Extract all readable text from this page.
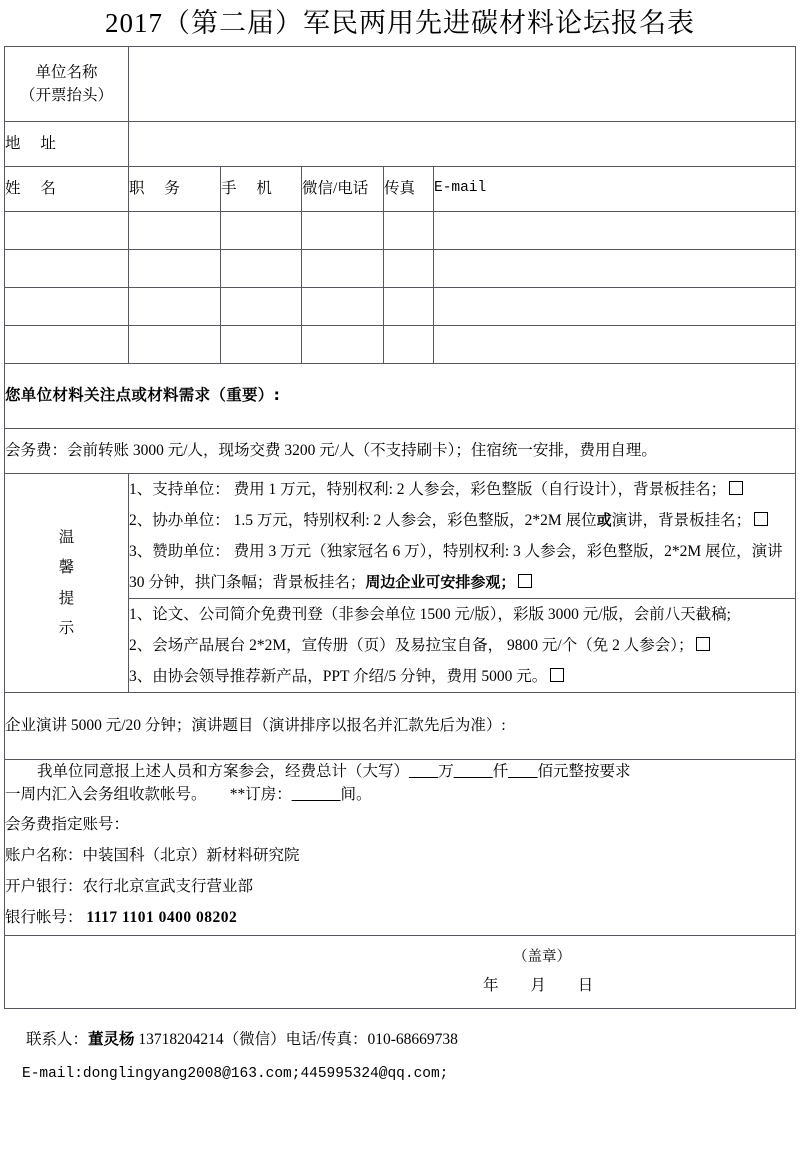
2017（第二届）军民两用先进碳材料论坛报名表
单位名称
（开票抬头）

地 址	
姓 名	职 务	手 机	微信/电话	传真	E-mail

您单位材料关注点或材料需求（重要）:

会务费：会前转账 3000 元/人，现场交费 3200 元/人（不支持刷卡）；住宿统一安排，费用自理。

温
馨
提
示

1、支持单位： 费用 1 万元，特别权利: 2 人参会，彩色整版（自行设计），背景板挂名；
2、协办单位： 1.5 万元，特别权利: 2 人参会，彩色整版，2*2M 展位或演讲，背景板挂名；
3、赞助单位： 费用 3 万元（独家冠名 6 万），特别权利: 3 人参会，彩色整版，2*2M 展位，演讲 30 分钟，拱门条幅；背景板挂名；周边企业可安排参观；

1、论文、公司简介免费刊登（非参会单位 1500 元/版），彩版 3000 元/版，会前八天截稿;
2、会场产品展台 2*2M，宣传册（页）及易拉宝自备， 9800 元/个（免 2 人参会）；
3、由协会领导推荐新产品，PPT 介绍/5 分钟，费用 5000 元。

企业演讲 5000 元/20 分钟；演讲题目（演讲排序以报名并汇款先后为准）:

我单位同意报上述人员和方案参会，经费总计（大写）___万____仟___佰元整按要求
一周内汇入会务组收款帐号。 **订房：_____间。
会务费指定账号：
账户名称：中装国科（北京）新材料研究院
开户银行：农行北京宣武支行营业部
银行帐号： 1117 1101 0400 08202

（盖章）
年 月 日
联系人：董灵杨 13718204214（微信）电话/传真：010-68669738
E-mail:donglingyang2008@163.com;445995324@qq.com;
